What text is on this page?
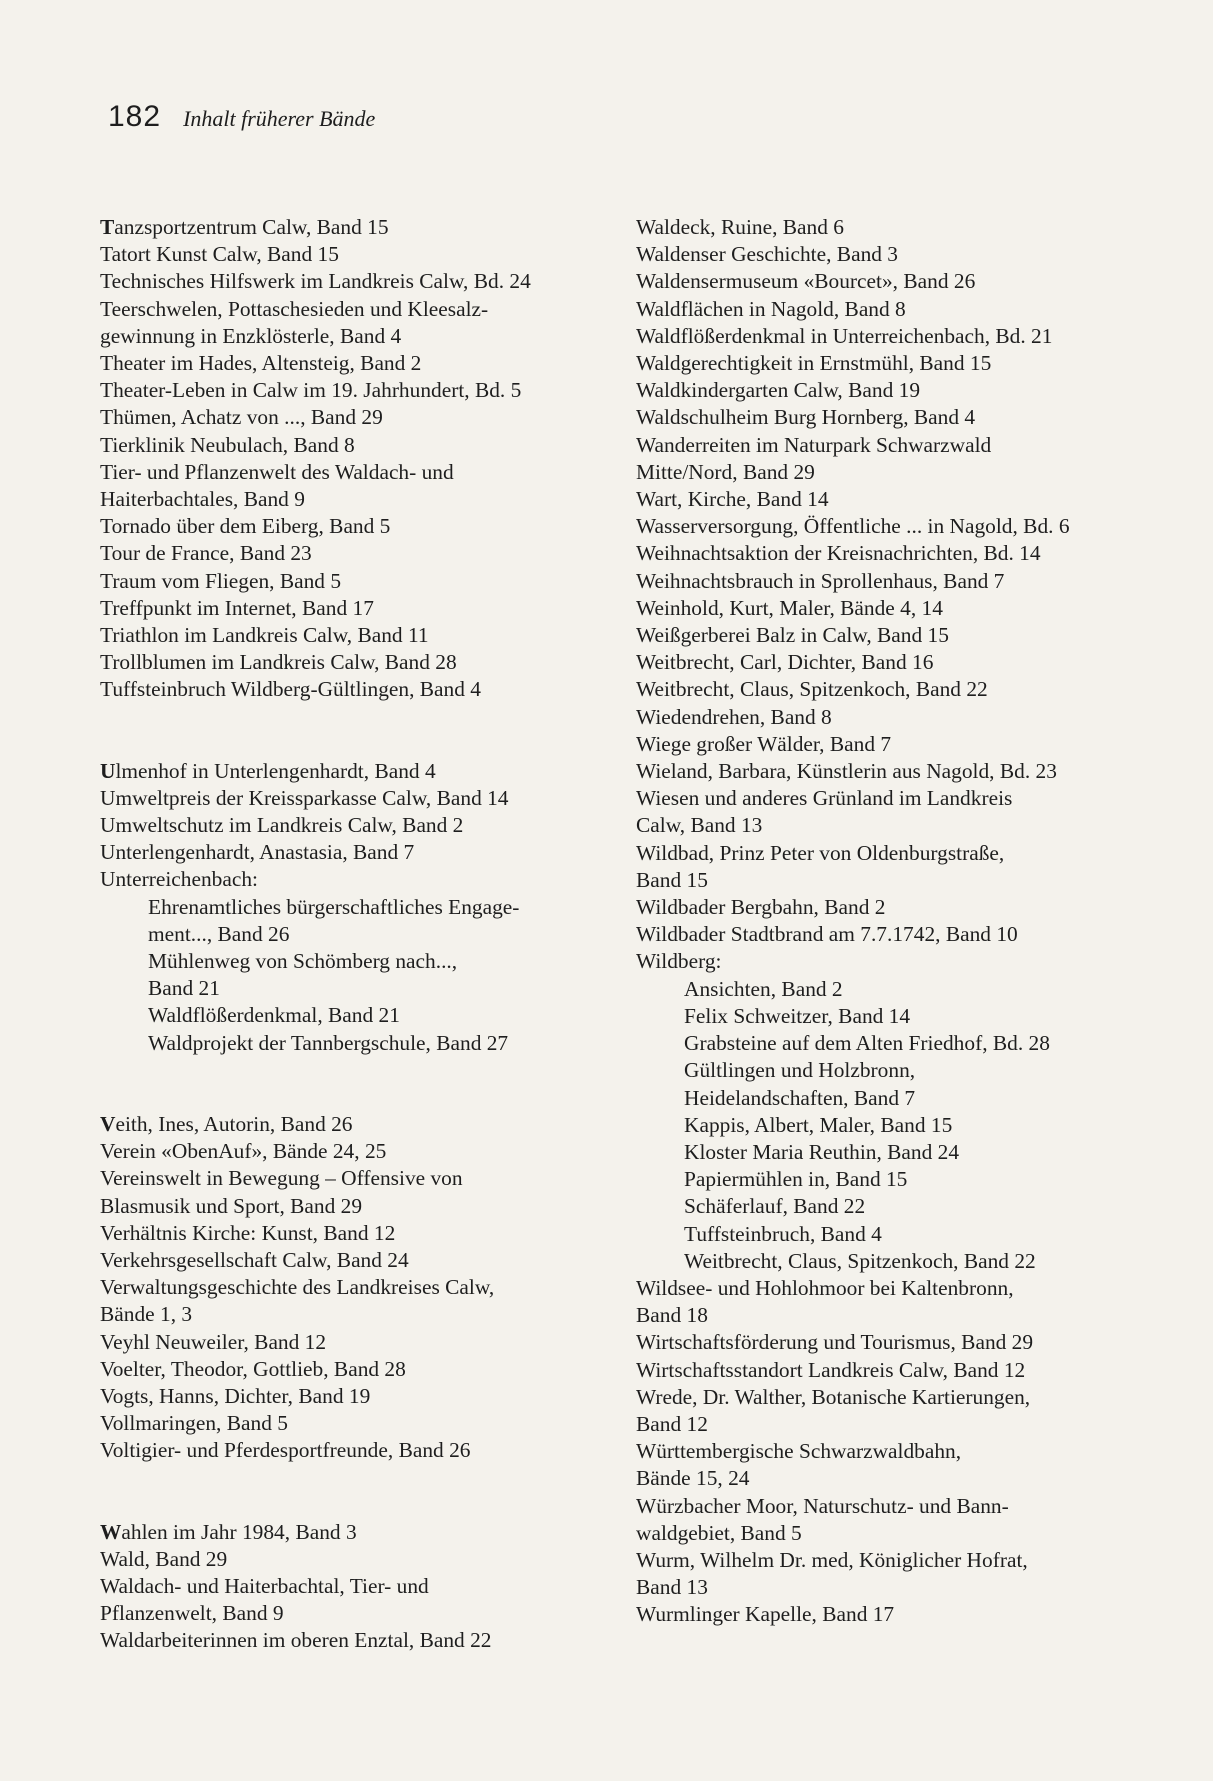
182 Inhalt früherer Bände
Tanzsportzentrum Calw, Band 15
Tatort Kunst Calw, Band 15
Technisches Hilfswerk im Landkreis Calw, Bd. 24
Teerschwelen, Pottaschesieden und Kleesalz-
gewinnung in Enzklösterle, Band 4
Theater im Hades, Altensteig, Band 2
Theater-Leben in Calw im 19. Jahrhundert, Bd. 5
Thümen, Achatz von ..., Band 29
Tierklinik Neubulach, Band 8
Tier- und Pflanzenwelt des Waldach- und
Haiterbachtales, Band 9
Tornado über dem Eiberg, Band 5
Tour de France, Band 23
Traum vom Fliegen, Band 5
Treffpunkt im Internet, Band 17
Triathlon im Landkreis Calw, Band 11
Trollblumen im Landkreis Calw, Band 28
Tuffsteinbruch Wildberg-Gültlingen, Band 4
Ulmenhof in Unterlengenhardt, Band 4
Umweltpreis der Kreissparkasse Calw, Band 14
Umweltschutz im Landkreis Calw, Band 2
Unterlengenhardt, Anastasia, Band 7
Unterreichenbach:
Ehrenamtliches bürgerschaftliches Engage-
ment..., Band 26
Mühlenweg von Schömberg nach...,
Band 21
Waldflößerdenkmal, Band 21
Waldprojekt der Tannbergschule, Band 27
Veith, Ines, Autorin, Band 26
Verein «ObenAuf», Bände 24, 25
Vereinswelt in Bewegung – Offensive von
Blasmusik und Sport, Band 29
Verhältnis Kirche: Kunst, Band 12
Verkehrsgesellschaft Calw, Band 24
Verwaltungsgeschichte des Landkreises Calw,
Bände 1, 3
Veyhl Neuweiler, Band 12
Voelter, Theodor, Gottlieb, Band 28
Vogts, Hanns, Dichter, Band 19
Vollmaringen, Band 5
Voltigier- und Pferdesportfreunde, Band 26
Wahlen im Jahr 1984, Band 3
Wald, Band 29
Waldach- und Haiterbachtal, Tier- und
Pflanzenwelt, Band 9
Waldarbeiterinnen im oberen Enztal, Band 22
Waldeck, Ruine, Band 6
Waldenser Geschichte, Band 3
Waldensermuseum «Bourcet», Band 26
Waldflächen in Nagold, Band 8
Waldflößerdenkmal in Unterreichenbach, Bd. 21
Waldgerechtigkeit in Ernstmühl, Band 15
Waldkindergarten Calw, Band 19
Waldschulheim Burg Hornberg, Band 4
Wanderreiten im Naturpark Schwarzwald
Mitte/Nord, Band 29
Wart, Kirche, Band 14
Wasserversorgung, Öffentliche ... in Nagold, Bd. 6
Weihnachtsaktion der Kreisnachrichten, Bd. 14
Weihnachtsbrauch in Sprollenhaus, Band 7
Weinhold, Kurt, Maler, Bände 4, 14
Weißgerberei Balz in Calw, Band 15
Weitbrecht, Carl, Dichter, Band 16
Weitbrecht, Claus, Spitzenkoch, Band 22
Wiedendrehen, Band 8
Wiege großer Wälder, Band 7
Wieland, Barbara, Künstlerin aus Nagold, Bd. 23
Wiesen und anderes Grünland im Landkreis
Calw, Band 13
Wildbad, Prinz Peter von Oldenburgstraße,
Band 15
Wildbader Bergbahn, Band 2
Wildbader Stadtbrand am 7.7.1742, Band 10
Wildberg:
Ansichten, Band 2
Felix Schweitzer, Band 14
Grabsteine auf dem Alten Friedhof, Bd. 28
Gültlingen und Holzbronn,
Heidelandschaften, Band 7
Kappis, Albert, Maler, Band 15
Kloster Maria Reuthin, Band 24
Papiermühlen in, Band 15
Schäferlauf, Band 22
Tuffsteinbruch, Band 4
Weitbrecht, Claus, Spitzenkoch, Band 22
Wildsee- und Hohlohmoor bei Kaltenbronn,
Band 18
Wirtschaftsförderung und Tourismus, Band 29
Wirtschaftsstandort Landkreis Calw, Band 12
Wrede, Dr. Walther, Botanische Kartierungen,
Band 12
Württembergische Schwarzwaldbahn,
Bände 15, 24
Würzbacher Moor, Naturschutz- und Bann-
waldgebiet, Band 5
Wurm, Wilhelm Dr. med, Königlicher Hofrat,
Band 13
Wurmlinger Kapelle, Band 17
